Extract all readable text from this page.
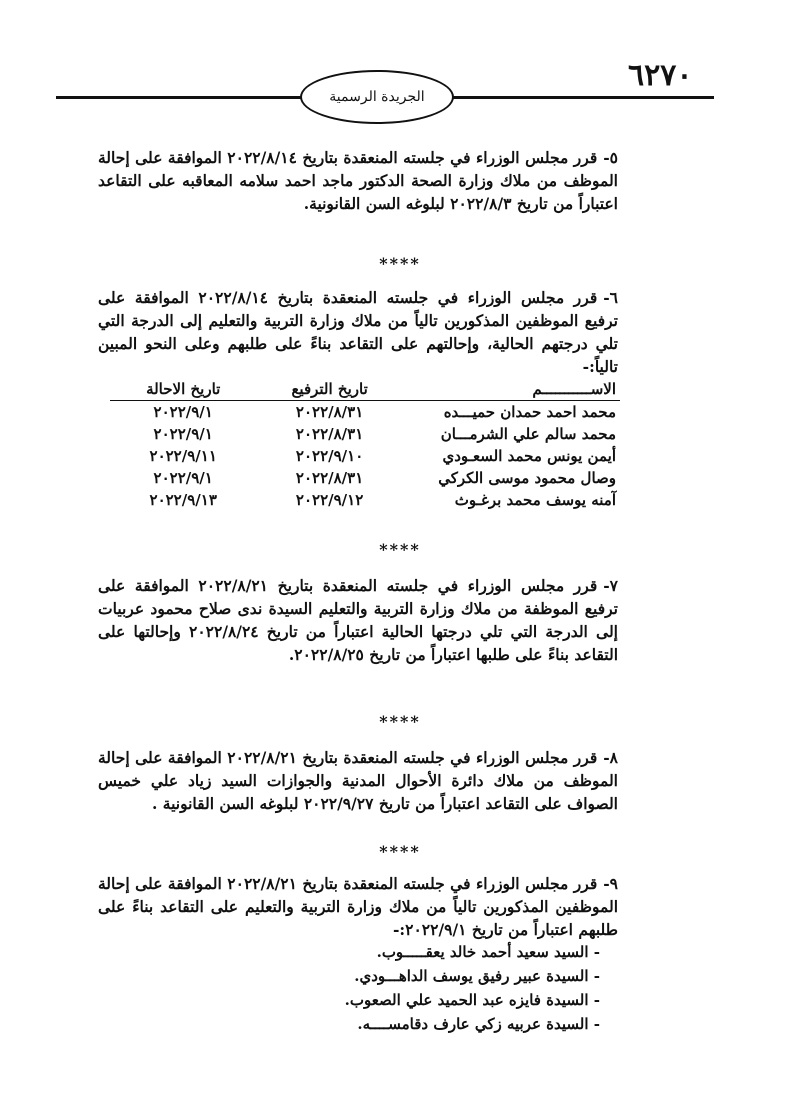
٦٢٧٠
الجريدة الرسمية
٥-قرر مجلس الوزراء في جلسته المنعقدة بتاريخ ٢٠٢٢/٨/١٤ الموافقة على إحالة الموظف من ملاك وزارة الصحة الدكتور ماجد احمد سلامه المعاقبه على التقاعد اعتباراً من تاريخ ٢٠٢٢/٨/٣ لبلوغه السن القانونية.
****
٦-قرر مجلس الوزراء في جلسته المنعقدة بتاريخ ٢٠٢٢/٨/١٤ الموافقة على ترفيع الموظفين المذكورين تالياً من ملاك وزارة التربية والتعليم إلى الدرجة التي تلي درجتهم الحالية، وإحالتهم على التقاعد بناءً على طلبهم وعلى النحو المبين تالياً:-
الاســـــــــــم	تاريخ الترفيع	تاريخ الاحالة
محمد احمد حمدان حميـــده	٢٠٢٢/٨/٣١	٢٠٢٢/٩/١
محمد سالم علي الشرمـــان	٢٠٢٢/٨/٣١	٢٠٢٢/٩/١
أيمن يونس محمد السعـودي	٢٠٢٢/٩/١٠	٢٠٢٢/٩/١١
وصال محمود موسى الكركي	٢٠٢٢/٨/٣١	٢٠٢٢/٩/١
آمنه يوسف محمد برغـوث	٢٠٢٢/٩/١٢	٢٠٢٢/٩/١٣
****
٧-قرر مجلس الوزراء في جلسته المنعقدة بتاريخ ٢٠٢٢/٨/٢١ الموافقة على ترفيع الموظفة من ملاك وزارة التربية والتعليم السيدة ندى صلاح محمود عربيات إلى الدرجة التي تلي درجتها الحالية اعتباراً من تاريخ ٢٠٢٢/٨/٢٤ وإحالتها على التقاعد بناءً على طلبها اعتباراً من تاريخ ٢٠٢٢/٨/٢٥.
****
٨-قرر مجلس الوزراء في جلسته المنعقدة بتاريخ ٢٠٢٢/٨/٢١ الموافقة على إحالة الموظف من ملاك دائرة الأحوال المدنية والجوازات السيد زياد علي خميس الصواف على التقاعد اعتباراً من تاريخ ٢٠٢٢/٩/٢٧ لبلوغه السن القانونية .
****
٩-قرر مجلس الوزراء في جلسته المنعقدة بتاريخ ٢٠٢٢/٨/٢١ الموافقة على إحالة الموظفين المذكورين تالياً من ملاك وزارة التربية والتعليم على التقاعد بناءً على طلبهم اعتباراً من تاريخ ٢٠٢٢/٩/١:-
- السيد سعيد أحمد خالد يعقـــــوب.
- السيدة عبير رفيق يوسف الداهـــودي.
- السيدة فايزه عبد الحميد علي الصعوب.
- السيدة عربيه زكي عارف دقامســــه.
